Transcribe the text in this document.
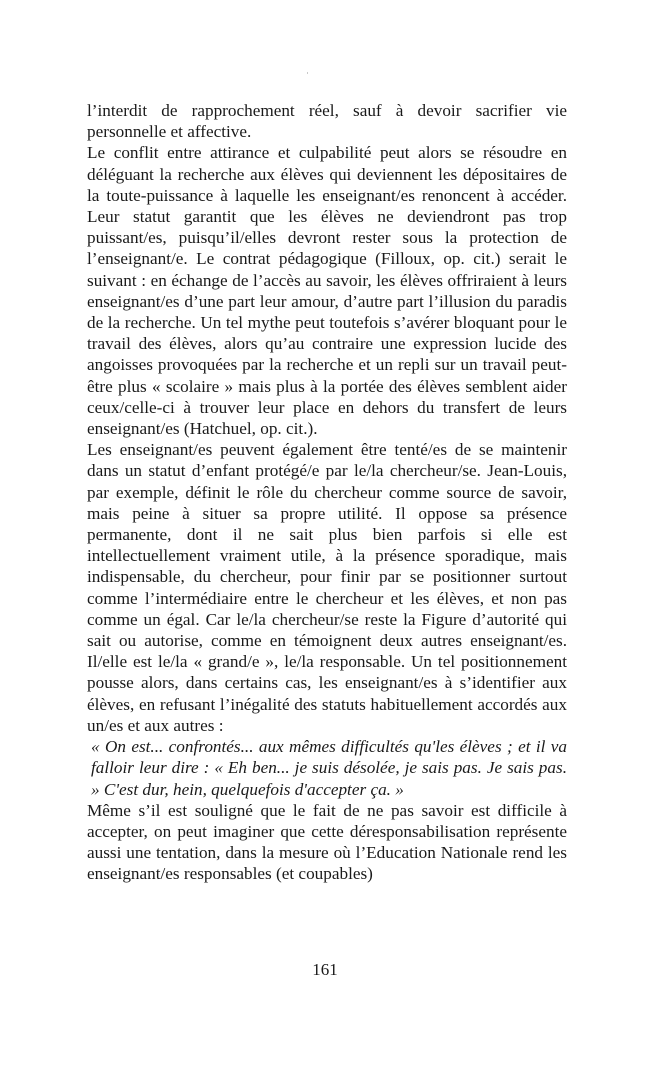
l’interdit de rapprochement réel, sauf à devoir sacrifier vie personnelle et affective.

Le conflit entre attirance et culpabilité peut alors se résoudre en déléguant la recherche aux élèves qui deviennent les dépositaires de la toute-puissance à laquelle les enseignant/es renoncent à accéder. Leur statut garantit que les élèves ne deviendront pas trop puissant/es, puisqu’il/elles devront rester sous la protection de l’enseignant/e. Le contrat pédagogique (Filloux, op. cit.) serait le suivant : en échange de l’accès au savoir, les élèves offriraient à leurs enseignant/es d’une part leur amour, d’autre part l’illusion du paradis de la recherche. Un tel mythe peut toutefois s’avérer bloquant pour le travail des élèves, alors qu’au contraire une expression lucide des angoisses provoquées par la recherche et un repli sur un travail peut-être plus « scolaire » mais plus à la portée des élèves semblent aider ceux/celle-ci à trouver leur place en dehors du transfert de leurs enseignant/es (Hatchuel, op. cit.).

Les enseignant/es peuvent également être tenté/es de se maintenir dans un statut d’enfant protégé/e par le/la chercheur/se. Jean-Louis, par exemple, définit le rôle du chercheur comme source de savoir, mais peine à situer sa propre utilité. Il oppose sa présence permanente, dont il ne sait plus bien parfois si elle est intellectuellement vraiment utile, à la présence sporadique, mais indispensable, du chercheur, pour finir par se positionner surtout comme l’intermédiaire entre le chercheur et les élèves, et non pas comme un égal. Car le/la chercheur/se reste la Figure d’autorité qui sait ou autorise, comme en témoignent deux autres enseignant/es. Il/elle est le/la « grand/e », le/la responsable. Un tel positionnement pousse alors, dans certains cas, les enseignant/es à s’identifier aux élèves, en refusant l’inégalité des statuts habituellement accordés aux un/es et aux autres :

« On est... confrontés... aux mêmes difficultés qu'les élèves ; et il va falloir leur dire : « Eh ben... je suis désolée, je sais pas. Je sais pas. » C'est dur, hein, quelquefois d'accepter ça. »

Même s’il est souligné que le fait de ne pas savoir est difficile à accepter, on peut imaginer que cette déresponsabilisation représente aussi une tentation, dans la mesure où l’Education Nationale rend les enseignant/es responsables (et coupables)

161
